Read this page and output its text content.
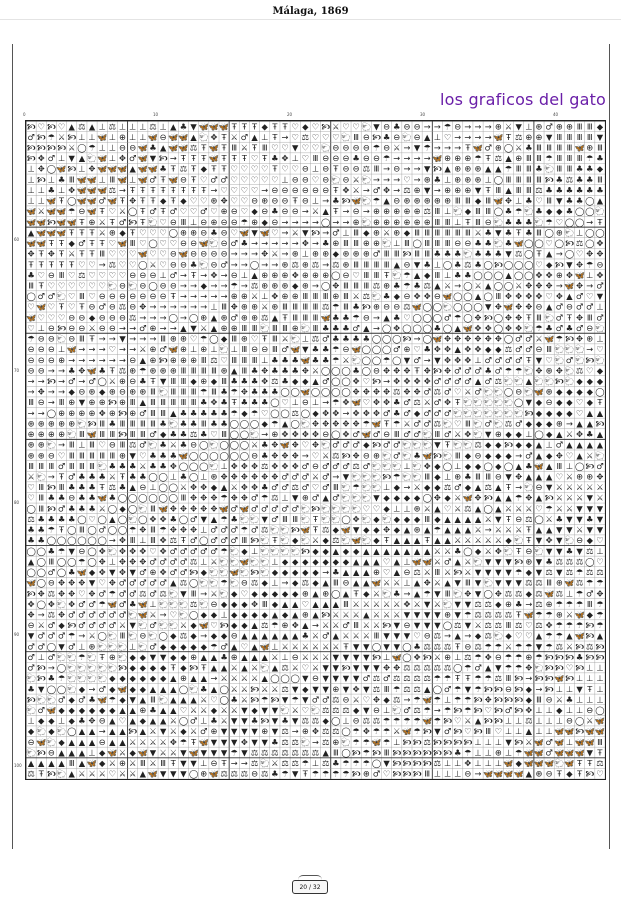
Málaga, 1869
los graficos del gato
0	10	20	30	40
60
70
80
90
100
🙥 ♡ 🙥 ♡ ▲ ⚖ ▲ ⊥ ⚖ ⊥ ⊥ ⊥ ⚖ ⊥ ▲ ♣ ▼ 🦋 🦋 🦋 Ŧ Ŧ Ŧ ◆ Ŧ Ŧ ♡ ◆ ♡ 🙥 ⚔ ♡ ♡ 🐑 ▼ ⊖ ♣ ⊖ ⊖ → → ☂ ⊖ → → → ⊕ ⚔ ▼ ⊥ ⊕ ♂ ⊕ ⊕ Ⅲ Ⅲ ◆
♂ 🙥 ☂ ⚔ 🙥 ⊥ ⊥ 🦋 ⊥ ⊕ ⊥ ⊥ 🦋 ⊖ 🦋 🦋 ▲ 🐑 ✥ Ŧ ⚔ ♂ ▲ ⊥ Ŧ → ♡ ⚖ ♡ ♡ ♡ 🐑 Ⅲ ⊖ 🙥 ♣ ⊖ 🐑 ⊖ ▲ ⊥ ♡ → → → → 🦋 Ŧ ⚖ ⊕ ⊕ ▼ Ⅲ Ⅲ Ⅲ Ⅲ ▼
🙥 🙥 🙥 🙥 ⚔ ◯ ☂ ⊥ ⊥ ⊖ ⊖ 🦋 ♣ ▲ 🦋 🦋 ⚖ Ŧ 🦋 Ŧ Ⅲ ⚔ Ŧ Ⅲ ♡ ♡ ▼ ♡ ♡ 🐑 ⊖ ⊖ ⊖ ⊖ ☂ ⊖ ⚔ → ▼ ☂ → → → Ŧ 🦋 ♂ ⊕ ◯ ⚔ ♣ Ⅲ Ⅲ Ⅲ Ⅲ 🦋 ⊕ Ⅲ
🙥 ✥ ♂ ⊥ ▼ ▲ 🐑 🦋 ⊥ ✥ ♂ 🦋 ▼ 🙥 → Ŧ Ŧ Ŧ 🦋 Ŧ Ŧ Ŧ ♡ Ŧ ♣ ✥ ⊥ ♡ Ⅲ ⊖ ⊖ ⊖ ♣ ⊖ ⊖ ☂ → → → → 🦋 ⊕ ⊕ ⊕ ☂ Ŧ ⚖ ▲ ⊕ Ⅲ Ⅲ ☂ Ⅲ Ⅲ Ⅲ ☂ ♣
⊥ ✥ ◯ 🦋 🙥 ⊥ ✥ 🦋 🦋 🦋 ▲ 🦋 🦋 ♣ Ŧ ⚖ Ŧ ◆ Ŧ Ŧ ♡ ♡ ♡ ♡ Ŧ ♡ ♡ ⊖ ⊥ ⊖ Ŧ ⊖ ⊖ ⚖ Ⅲ → ⊖ → → ▼ 🙥 ▲ ⊕ ⊕ ⊕ ▲ ▲ ☂ Ⅲ Ⅲ ♣ 🐑 Ⅲ Ⅲ ♣ ♣ ◆
⊥ 🙥 ⊥ ♣ Ⅲ 🦋 🦋 ⊥ Ⅲ 🦋 ⊥ 🦋 ♂ Ŧ 🦋 ⊖ Ŧ ♡ ♂ ♂ ♡ ♡ ♡ ♡ ♡ ⊥ ⊖ ⊖ ♡ ⊖ 🐑 ⊖ ⚔ 🐑 → → → ♡ → ⊕ ♣ ⊥ ⊕ ⊕ ⊕ ⊥ ◯ Ⅲ Ⅲ Ⅲ Ⅲ 🙥 ♣ ⚖ ♣ ♣ Ⅲ
⊥ ⊥ ♣ ⊥ ✥ 🦋 🦋 🦋 ⚖ → Ŧ Ŧ Ŧ Ŧ Ŧ Ŧ Ŧ Ŧ → ♡ ♡ ♡ ♡ → ⊖ ⊖ ⊖ ⊖ ⊖ ⊖ Ŧ ✥ ⚔ → ♂ ✥ → ⚖ ⊕ ▼ → ⊕ ⊕ ⊕ ▼ Ŧ Ⅲ ▲ Ⅲ Ⅲ ⚖ ♣ ♣ ♣ ♣ ♣ ♣
⊥ ⊥ 🦋 Ŧ ◯ 🦋 🦋 ♂ 🦋 Ŧ ✥ Ŧ Ŧ ◆ Ŧ ◆ ♡ ♡ ⊕ ✥ ♡ ♡ ⊖ ⊕ ⊖ ⊖ Ŧ ⊖ ⊥ → ♣ 🙥 🦋 🐑 ☂ ▲ ⊖ ⊕ ⊕ ⊕ ⊕ ⊕ Ⅲ Ⅲ ◆ Ⅲ 🦋 ✥ ⊥ ♣ ♡ Ⅲ ▼ ♣ ♣ ◯ ▲
🦋 ⚔ 🦋 🦋 ☂ ⊖ 🦋 Ŧ ♡ ⚔ ◯ Ŧ ♂ Ŧ ♂ ♡ ♡ ♂ ♡ ⊕ ⊖ ♡ ◆ ⊖ ♣ ⊖ ⊖ → ⚔ ▲ Ŧ → ⊖ → ⊕ ⊕ ⊕ ⊕ ⊕ ⚖ Ⅲ ⊥ 🐑 ◆ Ⅲ Ⅲ ◯ ♣ ☂ 🐑 ♣ ◆ ◆ ♣ ◯ ◯ 🐑
🦋 🦋 🙥 🦋 🦋 Ŧ ⊕ ⚔ Ŧ ♂ 🙥 Ŧ 🐑 ♡ ⊖ Ⅲ ⊥ ⊖ ⊕ ⊖ ⊖ ☂ ⊕ ◆ ⊖ → → → → ◯ → → ⊕ 🐑 ⊕ ⊕ ⊕ ⊕ ⊕ ⊕ Ⅲ Ⅲ ⊥ Ŧ Ⅲ ⊖ 🐑 ♣ ♣ ♣ 🐑 ☂ ♡ ◯ ◯ → Ŧ
▲ 🦋 🦋 🦋 Ŧ Ŧ Ŧ ⚔ ⊕ ◆ Ŧ ♡ ♡ ♡ ◯ ⊕ ⊕ ⊖ ♣ ⊖ ♡ 🦋 ▼ 🦋 ♡ → ⚔ ▼ 🙥 → ♂ ⊥ Ⅲ ◆ ⊕ ⚔ ⊕ ◆ Ⅲ Ⅲ Ⅲ Ⅲ Ⅲ Ⅲ ⚔ ♣ ▼ ♣ Ŧ ♣ Ⅲ ◯ ⊕ 🐑 ⊥ ◯ ◯
🦋 🦋 Ŧ Ŧ ◆ ♂ Ŧ Ŧ ♡ 🦋 Ⅲ ♡ ◯ ♡ ♡ ⊖ ⊖ 🦋 🐑 ⊖ ♂ ♣ → → → → → ✥ → ♣ ⊕ Ⅲ Ⅲ ⊕ ⊕ 🐑 ⊥ Ⅲ ◯ Ⅲ Ⅲ Ⅲ ⊖ ⊖ ♣ ♣ 🐑 ♣ 🦋 ◯ ◯ ♡ ◯ 🙥 ⚖ ◯ ✥
✥ Ŧ ✥ Ŧ ⚔ Ŧ Ŧ Ⅲ ♡ ♡ ♡ 🦋 ♡ ♡ ⊖ 🦋 ⊖ ⊖ ⊖ ⊖ → → → ✥ ⚔ → ⊕ ⊥ ⊕ ⊕ ◆ ⊕ ⊕ ⊕ ♂ Ⅲ Ⅲ 🙥 Ⅲ Ⅲ ♣ ♣ ♣ 🐑 ♣ ♣ ♣ ▼ ⚖ ◯ Ŧ ▲ → ◯ ♡ ✥ ✥
Ŧ Ŧ Ŧ Ŧ Ŧ ♡ ♡ → ⚖ ♡ ♡ ◯ ⚔ ♡ ⊖ ⊖ ♣ 🐑 ⊖ ♂ → → ◯ → → ⊕ ⚖ ⊕ ⚖ → ⚖ ⊕ Ⅲ Ⅲ Ⅲ Ⅲ ▲ ⊖ ▼ ♣ ⊥ ◯ ♣ ⚖ ♣ ◯ 🙥 ◯ ◯ ◯ ♡ ◆ 🙥 ▼ ✥ ☂ ⊖
♣ ♡ ⊖ Ⅲ ♡ ⚖ ♡ ♡ ♡ ♡ ⊖ ⊖ ⊖ ⊥ ♂ → Ŧ → ✥ → ⊖ ⊥ ▲ ⊕ ⊕ ⊕ ✥ ⊕ ⊕ ⊕ ◯ ⊖ ♡ Ⅲ Ⅲ Ŧ 🐑 ☂ ▲ ◆ Ⅲ ⊥ ♣ ♣ ◯ ◯ ◯ ▲ ◯ ◯ ✥ ✥ ⊕ ✥ 🦋 ⊥ ✥
Ⅲ Ŧ ♡ ♡ ♡ ♡ ♡ ♡ 🐑 ⊖ 🐑 ⊖ ◯ ⊖ ⊖ → → ◆ → → ☂ → ⚖ ⊕ ⊕ ⊕ ◆ ⊕ → ◯ ✥ Ⅲ Ⅲ Ⅲ ⚖ ⊕ ♣ ☂ ♣ ⚖ ▲ ⚔ → ◯ ⚔ ▲ ◯ ◯ ⚔ ✥ ✥ ✥ → 🦋 ✥ → ♂
◯ ♂ ♂ 🐑 ♡ Ⅲ ♡ ⊖ ⊖ ⊖ ⊖ ⊖ ⊖ ⊖ Ŧ → → → → → ⊕ ⊕ ⚔ ⊥ ✥ ⊕ ⊕ Ⅲ Ⅲ Ⅲ ⊕ Ⅲ ⚔ ⚖ 🐑 ♣ ◆ ⊖ ✥ ✥ ⊖ 🦋 ◯ ◯ ▲ ◯ Ⅲ ✥ ✥ ✥ ✥ ♡ ✥ ▲ ♂ ♡ ▼
♡ 🦋 ♡ Ŧ ♡ Ŧ ⊖ ♂ ⊖ ⚖ ⊖ ✥ → → → → → → ⊥ Ⅲ ✥ ⊕ ⊕ ⚔ ⊕ Ⅲ Ⅲ Ⅲ Ⅲ ⚖ ☂ Ⅲ ♣ 🙥 ⊕ ⊖ ⊖ ⚖ 🦋 ◯ ◯ 🐑 ◯ ◯ ◯ ▼ ✥ 🦋 ✥ ✥ ⊖ ▲ ♂ ⊖ ♂ ♂ ⊥
🦋 ♡ ♡ ♡ ⊖ ⊖ ◆ ⊖ ⊖ ⊖ ⚖ → → → ◯ → ◯ ⊕ ▲ ⊕ ♂ ⊕ ⊕ ⚖ ▲ Ŧ Ⅲ Ⅲ Ⅲ 🦋 ♣ ♣ ☂ ⊖ → ▲ ♣ ♡ ◯ ◯ ◯ ♂ ☂ ◯ ✥ 🙥 ◯ ✥ ✥ Ŧ Ⅲ 🐑 ♂ Ŧ ✥ Ⅲ ♂
♡ ⊥ ⊖ 🙥 ⊖ ⊖ ⚔ ⊖ ⊖ → → ♂ ⊕ → → ▲ ▼ ⚔ ▲ ⊕ ⊕ Ⅲ Ⅲ 🐑 Ⅲ Ⅲ ⊕ 🐑 Ⅲ ♣ ♣ ♣ ♂ ▲ → ◯ ✥ ◯ ◯ ◯ ♣ ◯ ▲ 🦋 ✥ ✥ ◯ ✥ ✥ 🐑 ☂ ♣ ♂ ♣ ♂ ⊖ 🐑
☂ ⊖ ⊖ 🐑 ⊖ Ⅲ Ŧ → → ▼ → → → Ⅲ ⊕ ⊕ ♡ ☂ ◯ ◆ Ⅲ ⊕ ♡ Ŧ Ⅲ ⚔ 🐑 ⊥ ⚖ ♂ ♣ ♣ ♣ ♣ ◯ ◯ ◯ 🙥 → ◯ 🦋 ✥ ✥ ✥ ✥ ✥ ✥ ◯ ♂ ♂ ⚔ 🦋 ☂ 🙥 ✥ ⊕ ⊥
⊖ ⊖ ⊖ ⊥ 🦋 → → → ♡ → → ⚔ ⊕ ♂ 🦋 ⊕ ⊥ ⊕ ⊥ 🐑 ⊥ Ⅲ ⊖ ⊖ Ⅲ ♂ 🦋 ▼ ♣ ♣ ☂ ⊖ 🦋 ◯ ◯ ◯ ♂ ⊕ ♡ ♣ ✥ ✥ ▲ ✥ ✥ ◆ ◆ ⚖ ♂ ♂ ⊖ Ⅲ 🐑 🐑 🐑 → ♡
⊖ ⊖ ⊖ ⊕ → → → → → → ⊖ ▲ ⊕ 🙥 ⊕ ⊕ ⊕ Ⅲ ⚖ ♡ Ⅲ Ⅲ Ⅲ ⊥ ♣ ♣ ♣ 🦋 ♣ ♣ ☂ ⚔ 🐑 ◯ ◯ ☂ ◯ ▼ ♂ → ▼ ✥ ✥ ✥ ⊥ ♂ ♂ ♂ ♂ Ŧ ▼ ♡ 🐑 ♂ 🐑 🙥 🐑
⊖ ⊖ → → ♣ ✥ 🦋 ♣ Ŧ ⚖ ⊕ ☂ ⊕ ⊕ ⊕ Ⅲ Ⅲ Ⅲ Ⅲ ⊕ ▲ Ⅲ ♣ ✥ ♣ ♣ ♣ ✥ ⚔ ◯ ◯ ◯ ♣ ◯ ⊖ ✥ ✥ ✥ Ŧ ✥ 🙥 ✥ ♂ ♂ ♂ ♣ ♂ ☂ ☂ 🐑 ✥ ⊕ ✥ 🐑 ⚖ ♡ ◆
→ → 🙥 → ♂ → ♂ ◯ ⚔ ⊕ ⊖ ♣ Ŧ ▼ Ⅲ Ⅲ ◆ ⊕ ◆ Ⅲ ♣ ♣ ♣ ✥ ⚖ ♣ ◆ ◆ ▲ ♂ ◯ ◯ ✥ ♡ 🙥 → ✥ ✥ ✥ ✥ ♂ ♂ ♂ ♂ ▲ ♂ ⚖ 🐑 🐑 ▲ 🐑 🐑 🙥 🐑 ◆ ◆ ◆
→ ✥ → → ◆ ⊖ ⊕ ◆ ⊕ ⊖ ⊕ ⊕ Ⅲ 🐑 Ⅲ Ⅲ Ⅲ ☂ Ⅲ ♣ ☂ ✥ ♣ ♣ ♣ ◯ ◯ 🦋 ◯ ◯ ◯ ◯ ✥ ✥ ✥ ✥ ⚖ ✥ ✥ ♂ ⚖ ♂ ♡ ⚔ ♂ 🐑 🐑 ◯ ⊖ 🐑 🦋 ⊕ ◆ ◆ ◆ ◆ ◯
Ⅲ ⊖ → Ⅲ ⊕ ▼ ⊕ ⊕ 🙥 ⊕ Ⅲ ▲ Ⅲ Ⅲ Ⅲ Ⅲ Ⅲ ♣ ✥ ♣ Ŧ ♣ ♣ ♣ ◯ ♡ ⊥ ⊖ ⊥ → ☂ ✥ 🦋 ♡ ✥ ✥ ♣ ♂ ⚖ ⚔ ♂ ✥ Ŧ 🐑 🐑 🐑 🐑 🐑 ◯ ▼ ◆ ⊖ ◆ ◆ ♡ ◆ Ŧ
→ → ◯ ⊕ ⊕ ⊕ ⊕ ✥ ⊕ 🙥 ⊕ ♂ Ⅲ Ⅲ ▲ ♣ ♣ ♣ ♣ ♣ ☂ ◆ ☂ ♡ ◯ ◯ ⚖ ◯ ◆ ✥ ✥ → ✥ ✥ ✥ ♂ ♣ ♂ ◆ ♂ ♂ ♂ 🐑 🐑 🐑 🐑 🐑 🐑 🐑 🙥 ◆ ◆ ◆ ◆ ♡ ▲ ▲
⊕ ⊕ ⊕ ⊕ ⊕ 🐑 🙥 Ⅲ ♣ Ⅲ Ⅲ Ⅲ Ⅲ ♣ 🐑 ♣ ♣ Ⅲ ♣ ♣ ◯ ◯ ◯ ◆ ☂ ▲ ◯ 🐑 ✥ ✥ ✥ ✥ ✥ ☂ 🦋 Ŧ ☂ ⚔ ♂ ♂ ⚖ 🐑 ♡ Ⅲ 🐑 ♂ 🐑 ⚖ ♂ ◆ ◆ ◆ ⊕ → ▲ ▲ 🙥
⊕ ⊕ ⊕ ⊕ 🐑 Ⅲ 🦋 Ⅲ Ⅲ 🙥 Ⅲ Ⅲ ♂ ◆ ♣ ♣ ⚖ ♣ ♡ Ⅲ ◯ ◯ 🐑 → ⊕ ✥ ✥ ✥ ✥ ⊖ ◯ ✥ ♂ 🦋 ♂ ⊖ Ⅲ ♂ ♂ 🐑 Ⅲ ♂ ⚔ ✥ 🐑 ▼ ⊕ ◆ ◆ ⊥ ◯ ◆ ▲ ⚔ ✥ ♣ ▲
⊕ ⊕ 🐑 → Ⅲ ⊥ Ⅲ ♡ ⊖ Ⅲ ⚖ ♂ 🐑 ♣ ⚔ ♣ ⊖ ◯ 🐑 ◯ ◯ ◯ ⚔ ♣ ✥ 🦋 ✥ ♡ ✥ 🐑 ♂ ♂ ♂ ◆ 🙥 ♂ ♂ 🐑 🐑 🐑 ▼ Ŧ 🐑 🐑 ⚖ ◆ ◆ 🙥 ◆ ◆ ▲ ⊥ ♂ ▲ ▲ ▲ ▲
⊕ ⊕ ⊖ ♡ Ⅲ Ⅲ Ⅲ Ⅲ Ⅲ ⊕ ▼ ♡ ♣ ♣ ♣ 🦋 ◯ ◯ ◯ ◯ ◯ ◯ ⊖ ♣ ✥ ✥ ✥ → ♡ ⚔ ⚖ 🙥 ✥ ⊖ ⊕ 🐑 ♂ 🐑 ♣ 🦋 🙥 🐑 Ⅲ ◆ ⊖ ◆ ◆ ◆ → ♂ ▲ ◆ ✥ ♡ ▲ ⚔ 🐑
Ⅲ Ⅲ Ⅲ ♂ Ⅲ Ⅲ Ⅲ 🐑 ♣ ♣ ♣ ⚔ ♣ ♣ ✥ ◯ ◯ ◯ 🐑 ⊥ ✥ ✥ ✥ ⚖ ✥ ✥ ✥ ♂ ⊖ ♂ ♂ ♂ ⚖ ♂ 🐑 🐑 🐑 ⊥ 🐑 ✥ ◆ ◯ ⊥ ◆ ◆ ◯ ◆ ◯ ▲ ♣ 🦋 ▲ Ⅲ ⊥ ◯ 🙥 ♂
⚔ 🐑 → Ŧ ♂ ♣ ♣ ♣ ⚔ Ŧ ♣ ♣ ◯ ◯ ⊥ ♣ ◯ ⊥ ⊕ ✥ ✥ ✥ ✥ ✥ ✥ ♂ ♂ ♂ ⚔ ♂ → ▼ 🐑 🐑 🐑 🙥 ☂ 🐑 🐑 Ⅲ ◆ ⊥ ⊕ ♣ Ⅲ Ⅲ ⊖ ▼ ✥ ▲ ▲ ▲ ♡ ⚔ ⊕ ⊕ ✥
♡ Ⅲ 🙥 Ⅲ ♣ ♣ ♣ Ŧ ⚖ ♣ ▲ ⊖ ⊥ ◯ ◯ ⚔ ✥ ✥ ◆ ▲ ⚔ ✥ ✥ ♣ ♂ ♂ ⚖ ♂ ♡ ♂ Ⅲ 🐑 ☂ 🐑 🐑 ⊥ ◆ → ⚔ ◆ ◆ ⚖ ♂ ◆ ▲ ⚖ ▲ Ŧ → 🐑 ⊖ ▼ ⚔ ⚔ ⚔ ⚔ ⚔
♡ Ⅲ ♣ ♣ ⊖ ♣ ♣ 🦋 ♣ ◯ ◯ ◯ ◯ ◯ ◯ Ⅲ ✥ ✥ ✥ ☂ ✥ ✥ ♂ ☂ ⚖ ⊥ ▼ ⊕ ♂ ▲ ♂ 🐑 🐑 🐑 ▼ ◆ ◆ ◆ ◆ ◯ ✥ ◆ ⚔ 🦋 ✥ 🙥 ▲ ▲ ☂ ✥ ▲ 🙥 ⚔ ⚔ ⚔ ▼ ⚔
◯ Ⅲ 🙥 ♂ ♣ ♣ ♣ ⚔ ◯ ◆ ◯ 🐑 Ⅲ 🦋 ✥ ✥ ✥ ✥ ✥ 🦋 ♂ 🦋 ♂ ♂ ♂ ♂ ♂ 🐑 🙥 🐑 🐑 🐑 🐑 ♡ ♡ ◆ ⊥ ⊥ ⊕ ⚔ ▲ ♡ ⚔ ⚖ ▲ ◯ ▲ ⚔ ⚔ ⚔ ♡ ☂ ⚔ ⚔ ▼ ▼ ▼
⚖ ♣ ♣ ♣ ♣ ◯ ♡ ◯ ▲ ◯ 🐑 ◯ ✥ ✥ ♣ ◯ ♂ ▼ ▲ ☂ ♣ 🐑 🐑 ▼ ♂ Ⅲ Ⅲ 🐑 Ŧ 🐑 🐑 ◯ ✥ 🐑 ◆ 🐑 ◆ ◆ ◆ Ⅲ ◆ ▲ ▲ ▲ ▲ ⚔ ▼ Ŧ ⊖ ⚖ ◯ ⚔ ♣ ▼ ▼ ♣ ▼
♣ ♣ ☂ Ŧ ◯ Ⅲ ◯ ♂ ◯ ◯ ☂ ✥ Ⅲ ☂ ✥ ✥ ✥ ⊥ ♂ ♂ ♂ ☂ ♂ ⚖ 🐑 🐑 🙥 🦋 Ŧ ⚖ ◆ 🦋 ▼ ◆ ◆ ✥ ◆ ▲ ⊕ ▲ ☂ ▲ ▲ ▲ ⚔ → ⚔ ⚔ ⚔ Ŧ ▲ ▲ ▼ ▼ ⚔ ▼ ▼
♣ ♣ ◯ ◯ ◯ ◯ ◯ ◯ → ✥ Ⅲ ⊥ Ⅲ ✥ ⚖ Ŧ ♂ ◯ ♂ ♂ ♂ Ⅲ 🙥 🐑 Ŧ 🐑 ◆ 🐑 ⚔ ◆ ⚖ 🐑 🦋 🐑 ◆ Ŧ ▲ ▲ ▲ Ŧ ▲ ▲ ⚔ ⚔ ⚔ ⚔ ⚔ ◆ 🐑 Ŧ ▼ ✥ ▼ 🐑 ⊖ ◆ ♡
◯ ◯ ♣ ☂ ▼ ⊖ ◯ ✥ 🐑 ✥ ✥ ✥ ♡ ✥ ♂ ♂ ♂ ♂ ♂ ☂ 🐑 ◆ ⊥ 🐑 🐑 🐑 🐑 🙥 ◆ ◆ ▲ ◆ ◆ ▲ ▲ ▲ ▲ ▲ ▲ ▲ ⚔ ⚔ ♣ ◯ ◆ ⚔ ✥ 🐑 Ŧ ⊖ 🐑 ▼ ▼ ♣ ▼ ⚖ ⊥
▲ ◯ Ⅲ ◯ ◯ ☂ ◯ ✥ ⊥ ✥ ✥ ✥ ♂ ♂ ♂ ♂ ⚖ ⊥ ⚔ 🐑 🐑 🦋 🐑 🐑 ⊥ ◆ ◆ ◆ ◆ ◆ ◆ ◆ ▲ ▲ ▲ ♡ ▲ ⊥ 🦋 🦋 ⚔ ♂ ▲ ⚔ 🐑 ▼ ▼ ▼ 🙥 ⊕ ▼ ♣ ⚖ ⚖ ⚖ ◯ ♡
◯ ◯ ♂ ◯ ♣ 🦋 ◆ ✥ ▼ ✥ ▼ ♂ ⊕ ✥ ♂ ♂ 🙥 ◆ 🐑 🐑 🦋 🐑 🙥 🐑 ◆ ◆ ◆ ◆ ◆ → ♣ ▲ ▲ ▲ ⊕ ♡ ▲ ⊖ ⚖ ⚔ Ⅲ ⚔ 🙥 ⚔ ▼ ▼ ▼ ▼ ☂ ◆ ▼ ⚖ ▼ ⚖ ☂ ⚖ ⚖
🦋 ◯ ⊖ ✥ ✥ ✥ ▼ ♡ ✥ ♂ ♂ ♂ ♂ ♂ ▲ ⚖ ◯ 🐑 🐑 ☂ 🐑 ⊖ ⚖ ◆ ⊥ → ◆ ⚖ ◆ ▲ Ⅲ ⊖ ▲ ▲ 🦋 ⚔ ⚔ ⊥ ▲ ✥ ⚔ ▲ ▼ Ⅲ ▼ 🐑 ▼ ▼ ▼ ⚖ ⚖ Ⅲ ⊕ 🦋 ⚖ ☂ ☂
🙥 ✥ ⚖ ✥ ✥ ♡ ✥ ♂ ☂ ♂ ♂ ⚖ ♂ ⚖ 🐑 ▼ Ⅲ → ⚔ 🐑 ◆ ♡ ◆ ◆ ◆ ◆ ◆ ⊕ ▲ ⊕ ◯ ▲ Ŧ ◆ ⚔ 🐑 ♣ → ▲ ☂ ▼ Ⅲ 🐑 ✥ ▼ ◯ ✥ ⚖ ⚖ ◆ ⚖ 🦋 ⚖ ⊥ ☂ ♂ ✥
✥ ◯ ✥ 🐑 ✥ ♂ ♂ ☂ 🦋 ♂ ♣ 🦋 ⊥ 🐑 🐑 🐑 ⚖ 🐑 ⊖ ◆ ◆ ◆ ✥ Ⅲ ◆ ▲ ▲ ♡ ▲ ▲ ▲ Ⅲ ⚔ ⚔ ⚔ ⚔ ⚔ ✥ ⚔ ▼ ⚔ 🐑 ▼ ▼ ⚖ ⚖ ◆ ⊕ ♣ → ⚖ ⊕ ☂ ☂ ☂ Ⅲ ☂
✥ → ⚖ ✥ ♂ ♂ ♂ ♂ ♂ ♂ 🐑 🦋 ⚔ → ♡ 🐑 ◯ ◆ ◆ ⊥ ◆ ◆ ◆ ◆ ▲ ◆ ▲ ⊕ ▲ 🙥 ⚔ ⚔ ⚔ ▲ ⚔ ⚔ ⚔ ▼ ▼ ▼ ▼ ⊕ ▼ ☂ ⚖ ⚖ ⚖ ⚖ Ŧ 🦋 ☂ ☂ ⊕ ⚔ 🦋 ◆ ☂
⊖ ⚔ ♂ ◆ 🙥 ♂ ♂ ♂ ♂ ⚔ ▼ 🐑 ♂ 🐑 🐑 ⚔ ◆ 🦋 ♡ 🙥 ◆ ◆ ▲ ⚖ ☂ ⊕ ✥ ▲ → ⚔ ⚔ ♂ Ⅲ ⚔ ⚔ 🙥 ▼ ⊖ ▼ ▼ ▼ ◯ ⚖ ▼ ⚔ ⚖ ⚖ Ⅲ ⚖ ♡ ⚖ ✥ ☂ ☂ ☂ 🙥 ☂
▼ ♂ ♂ ♂ ☂ → ⚔ ◯ 🐑 Ⅲ 🐑 ⊖ 🐑 ◯ ◆ ⚖ ◆ → ◆ ◆ ⊖ ▲ ▲ ▲ ▲ ▲ ▲ ♣ ⚔ ♂ ▲ ⚔ ⚔ ⚔ Ⅲ ▼ ▼ ▼ ♡ ⊖ ⚖ → ▲ → ◆ ⚖ 🐑 ◆ ♡ ♡ ▲ ☂ ☂ ▲ 🦋 🙥 ▲
♂ ♂ ◯ ▼ ♂ ⊥ ⊕ 🐑 🐑 🐑 ⊥ 🐑 ♂ ◆ ◆ ◆ ◆ ◆ ☂ ♂ ▲ ♡ ▲ 🦋 ⊥ ⚔ ⚔ ⚔ ⚔ ⚔ ⚔ Ŧ ▼ ▼ ◯ ▼ ▼ ◯ ♣ ⚖ ⚖ ⚖ Ŧ ⊖ ⚖ ☂ ☂ ⚔ ☂ ☂ ▼ ☂ ⚖ ⚔ 🙥 ⚖ 🙥
♂ ⊥ ♂ 🐑 🐑 ☂ 🐑 Ŧ ⊕ 🐑 ◆ ◆ ▼ ▼ ◆ ◆ ⊕ ▲ ▲ ♣ ⊕ ▲ ▲ ▲ ⚔ ⊥ ⊖ ⚔ ⚔ ⚔ ▼ ▼ ▼ ▼ 🙥 ⊥ 🦋 ◯ ✥ 🙥 ⚔ ⊕ ⊥ ⚖ ☂ ✥ ⊖ ☂ ☂ ⊕ ☂ 🙥 🙥 🙥 ♣ 🙥 🙥
♂ 🙥 → ◯ 🐑 🐑 🐑 🐑 🐑 🙥 ◆ ◆ ◆ ◆ Ŧ ◆ 🙥 Ŧ ▲ ▲ ⚔ ▲ ⚔ 🐑 ▲ ⚖ ⚔ ♡ ⚔ ▼ ▼ 🙥 ▼ ▼ ▼ ✥ ✥ ⚖ ⚖ ⚖ ⚖ ⚖ ◯ ☂ ♂ ▲ ▼ ☂ ☂ ✥ 🐑 🙥 🙥 ♡ 🙥 ⊥ ⊥
🐑 🙥 ♣ ☂ 🐑 🐑 🐑 🐑 ◆ ◆ ◆ ◆ ◆ ◆ ▲ ⊕ ▲ ▲ → ⚔ ⚔ ⚔ ⚔ ▲ ◯ ◯ ◯ ▼ ⊖ ▼ ▼ ▼ ▼ ♂ ⚖ ♂ ⚖ ⚖ ⚖ ⚖ ☂ ☂ Ŧ Ŧ ☂ ☂ ⚖ Ⅲ 🙥 → 🙥 🙥 🦋 🙥 ⊥ ⊥ ⊥
♣ ▼ ◯ ◯ 🐑 ◆ → ♂ ◆ 🦋 ◆ ◆ ▲ ▲ ▲ ◯ 🐑 ♣ ▲ ◯ ⚔ ⚔ 🙥 ⚔ ⚔ ⚖ ▼ ◆ ▼ ▼ ⊕ ▼ ✥ ▼ ⚖ Ⅲ ☂ ⚖ ⚖ ▲ ◯ ♂ ☂ ▼ ☂ 🙥 🙥 ⊖ 🙥 ◆ → 🙥 ⊥ ⊥ ▼ Ŧ ⊥
🙥 🐑 🐑 ♂ ◆ ♂ ♣ 🦋 ☂ ◆ ▼ ▲ Ⅲ 🐑 ▲ ▲ ▲ ⚔ ♡ ◯ ♣ ⚔ 🙥 ☂ 🙥 ▼ ☂ ▼ ♂ ♂ ⚖ ⊖ ⚔ ♡ ✥ ◆ ⚖ → ☂ 🦋 ☂ ⊥ ☂ ☂ 🙥 ✥ 🙥 🙥 🙥 ◆ Ⅲ ⊖ ⚔ ♣ ⊥ ⊥ ⊥
🐑 ♂ 🦋 ◆ ◆ ◆ ◆ ◆ ◆ ▲ ▲ ⊕ ♣ ▲ ▲ ♡ ⚔ ⚔ ◆ ⚔ ⚔ ▼ ◆ ▼ ▼ 🐑 ⚔ ♡ 🐑 ⚖ ⚖ ⚖ ◆ ▼ ⊖ ⊥ 🐑 ♂ ⚖ ☂ → ☂ 🙥 ☂ 🙥 ♡ 🙥 ♂ 🙥 ✥ ⊥ ⊥ ◆ ⊥ ⊥ ⊖ ◯
⊥ ◆ ◆ ⊥ ◆ ♣ ✥ ⊖ ▲ ♡ ▲ ◆ ▲ ▲ ⚔ ◯ ♂ ⊥ ♣ ⚔ ▼ ▼ ♣ 🙥 ▼ ♣ ▼ ⚖ ⚖ ◆ ◯ ⊥ ⊖ ⚖ ⚖ ☂ ☂ ☂ ☂ 🦋 ☂ 🙥 ♡ ⚔ ▲ 🙥 🙥 ⊥ ⊥ ⚖ ⊥ ⊥ ⊥ ⊖ ◯ ⚔ 🦋
◆ 🐑 ◆ 🐑 ◯ ▲ ▲ → ▲ ▲ 🙥 ▲ ⚔ ▼ ⚔ ◆ ⚔ ♂ ⊕ ▼ ▼ ▼ ▼ ⊕ ▼ ⚖ → ⊕ ✥ ⚖ ⚖ ◯ ☂ ✥ ☂ ☂ ⚔ 🦋 ☂ 🙥 ▼ ♂ 🙥 ♡ 🙥 Ⅲ ♡ ⊥ ⊥ ▲ ⊥ ⊥ 🦋 🦋 🙥 🦋 🦋
⊖ 🦋 🐑 ◆ ▲ ▲ ▲ ⊖ ▲ ▲ ⚔ ⚔ ⚔ ⚔ ✥ ☂ Ŧ 🦋 ▼ ▼ ▼ ✥ ▼ ▼ ♣ ⚖ ⚖ 🐑 → ⚖ ⊕ 🐑 ☂ ☂ 🦋 ☂ ⊥ 🙥 🙥 ⚖ 🙥 🙥 🙥 🙥 ⊥ ⊥ ⊥ ▼ 🙥 ⚔ 🦋 ♂ 🦋 ⊥ 🦋 🦋 Ⅲ
🐑 🙥 ⊖ ▲ ▲ ▲ ⊥ ◆ 🦋 ⚔ ◆ 🦋 ▼ ⚔ ⚔ ▼ 🦋 ▼ ▼ ▼ ☂ ▼ ⚖ ⚖ ⚖ ⚖ ⚖ ⚖ ⚖ ▲ Ⅲ ◯ 🙥 ☂ 🙥 Ⅲ 🙥 🙥 🙥 🙥 🙥 🙥 ♣ ☂ ⊥ ⊥ ⊕ ⊥ ☂ 🦋 🦋 ♂ 🦋 🦋 🦋 ▼ Ŧ
▲ ▲ ▲ ▲ Ⅲ ▲ 🦋 ◆ ⚔ ⊕ ⚔ Ⅲ ⚔ Ⅲ Ŧ ▼ ▼ ⊥ ⊖ Ŧ → → ⚖ 🐑 ⚔ ⚖ ⚖ ☂ ⊥ ⚖ ♣ ☂ ☂ ☂ ◯ ▼ 🙥 🙥 🙥 🙥 ⚖ ⊥ ⊥ ✥ ⊥ ⊥ ⊥ 🦋 ◆ 🦋 🦋 🦋 🐑 🦋 Ŧ Ŧ ⚖
⚖ Ŧ 🙥 🐑 ▲ ⚔ ⚔ ⚔ ♡ ⚔ ⚔ ▲ 🦋 ▼ ▼ ▼ ◯ ⊕ 🦋 ⚖ ⚖ ⚖ ⊖ ⚖ ♣ ☂ ▼ Ŧ ☂ ☂ ☂ ☂ 🙥 ⊕ ♂ ♡ 🙥 🙥 🙥 Ⅲ ⊥ ⊥ ⊥ ⊖ → 🦋 🦋 🦋 🦋 ▲ ⊕ ⊖ Ŧ ◆ Ŧ 🙥 ♡
20 / 32
